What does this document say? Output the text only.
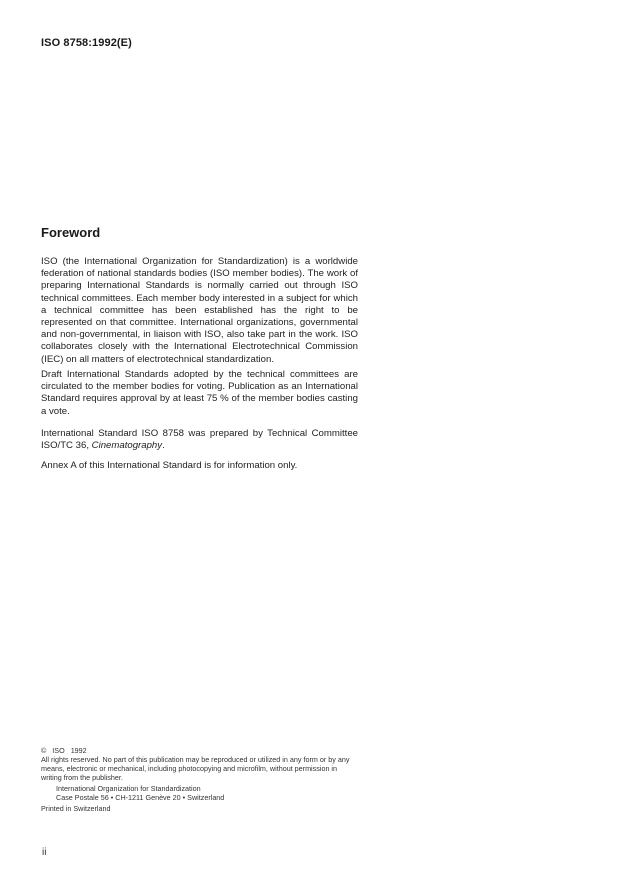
ISO 8758:1992(E)
Foreword

ISO (the International Organization for Standardization) is a worldwide federation of national standards bodies (ISO member bodies). The work of preparing International Standards is normally carried out through ISO technical committees. Each member body interested in a subject for which a technical committee has been established has the right to be represented on that committee. International organizations, governmental and non-governmental, in liaison with ISO, also take part in the work. ISO collaborates closely with the International Electrotechnical Commission (IEC) on all matters of electrotechnical standardization.

Draft International Standards adopted by the technical committees are circulated to the member bodies for voting. Publication as an International Standard requires approval by at least 75 % of the member bodies casting a vote.

International Standard ISO 8758 was prepared by Technical Committee ISO/TC 36, Cinematography.

Annex A of this International Standard is for information only.

© ISO 1992
All rights reserved. No part of this publication may be reproduced or utilized in any form or by any means, electronic or mechanical, including photocopying and microfilm, without permission in writing from the publisher.
International Organization for Standardization
Case Postale 56 • CH-1211 Genève 20 • Switzerland
Printed in Switzerland
ii
